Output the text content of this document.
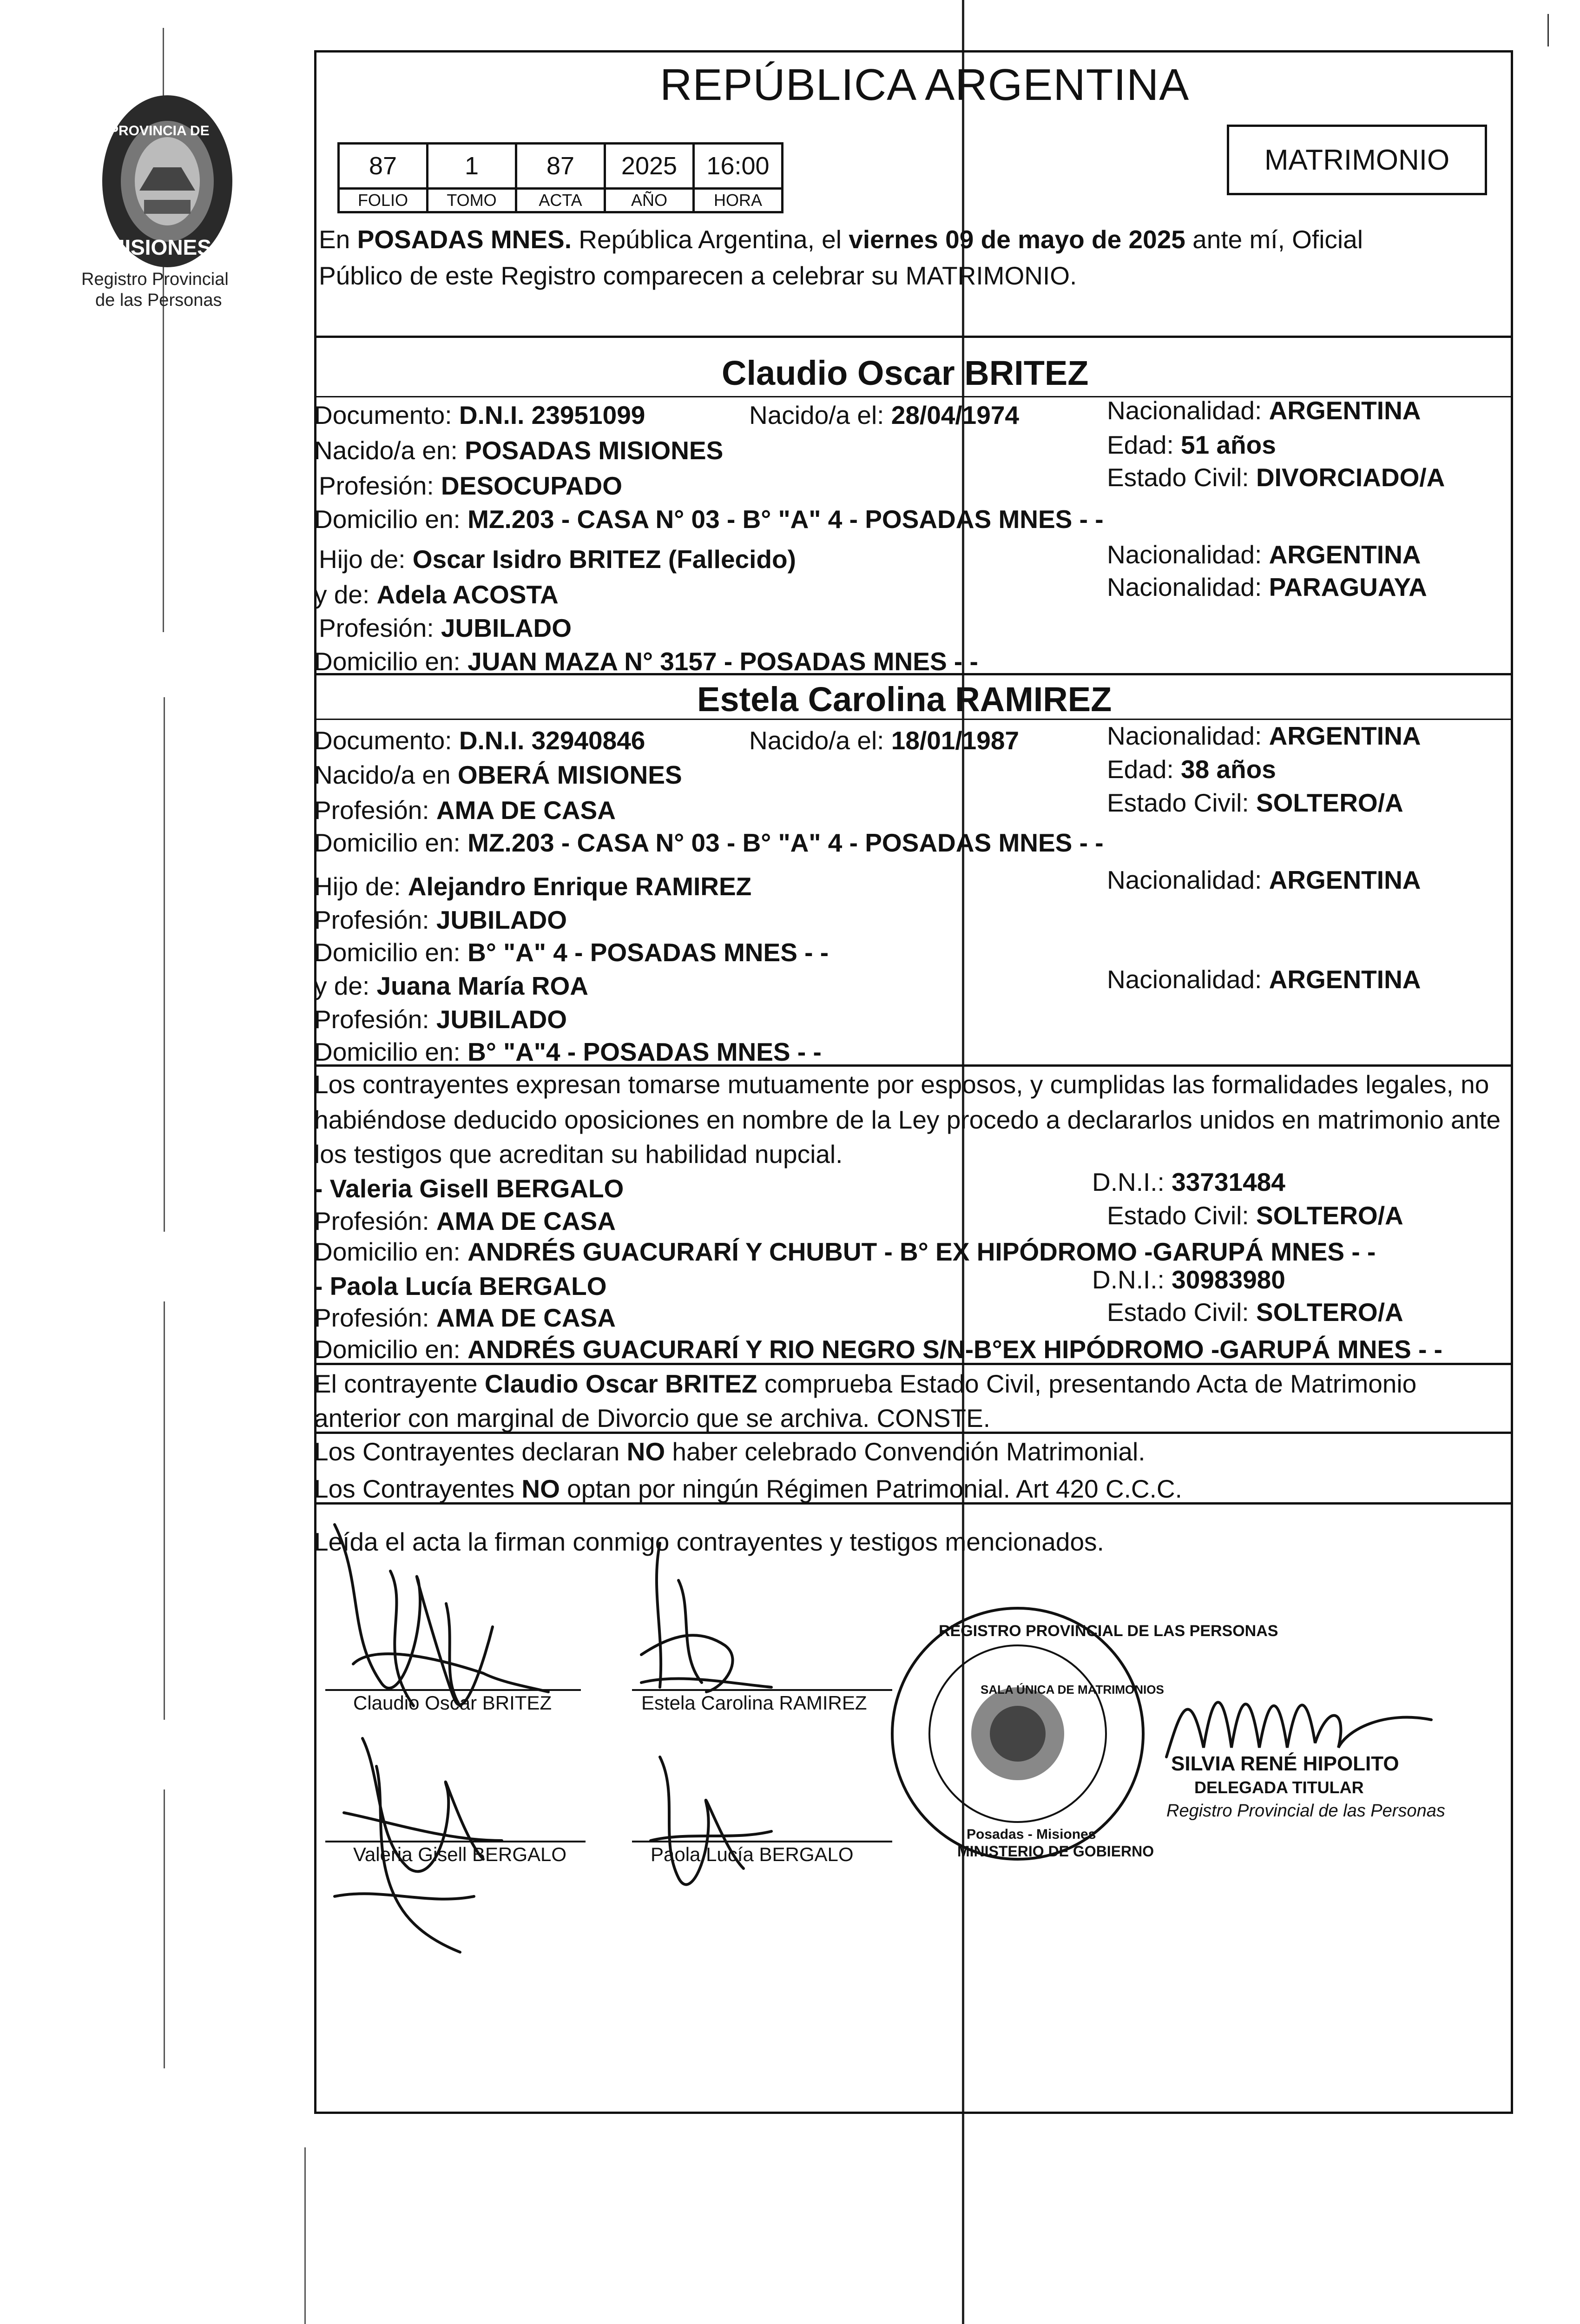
PROVINCIA DE
MISIONES
Registro Provincial
de las Personas
REPÚBLICA ARGENTINA
87	1	87	2025	16:00
FOLIO	TOMO	ACTA	AÑO	HORA
MATRIMONIO
En POSADAS MNES. República Argentina, el viernes 09 de mayo de 2025 ante mí, Oficial
Público de este Registro comparecen a celebrar su MATRIMONIO.
Claudio Oscar BRITEZ
Documento: D.N.I. 23951099	Nacido/a el: 28/04/1974	Nacionalidad: ARGENTINA
Nacido/a en: POSADAS MISIONES	Edad: 51 años
Profesión: DESOCUPADO	Estado Civil: DIVORCIADO/A
Domicilio en: MZ.203 - CASA N° 03 - B° "A" 4 - POSADAS MNES - -
Hijo de: Oscar Isidro BRITEZ (Fallecido)	Nacionalidad: ARGENTINA
y de: Adela ACOSTA	Nacionalidad: PARAGUAYA
Profesión: JUBILADO
Domicilio en: JUAN MAZA N° 3157 - POSADAS MNES - -
Estela Carolina RAMIREZ
Documento: D.N.I. 32940846	Nacido/a el: 18/01/1987	Nacionalidad: ARGENTINA
Nacido/a en OBERÁ MISIONES	Edad: 38 años
Profesión: AMA DE CASA	Estado Civil: SOLTERO/A
Domicilio en: MZ.203 - CASA N° 03 - B° "A" 4 - POSADAS MNES - -
Hijo de: Alejandro Enrique RAMIREZ	Nacionalidad: ARGENTINA
Profesión: JUBILADO
Domicilio en: B° "A" 4 - POSADAS MNES - -
y de: Juana María ROA	Nacionalidad: ARGENTINA
Profesión: JUBILADO
Domicilio en: B° "A"4 - POSADAS MNES - -
Los contrayentes expresan tomarse mutuamente por esposos, y cumplidas las formalidades legales, no
habiéndose deducido oposiciones en nombre de la Ley procedo a declararlos unidos en matrimonio ante
los testigos que acreditan su habilidad nupcial.
- Valeria Gisell BERGALO	D.N.I.: 33731484
Profesión: AMA DE CASA	Estado Civil: SOLTERO/A
Domicilio en: ANDRÉS GUACURARÍ Y CHUBUT - B° EX HIPÓDROMO -GARUPÁ MNES - -
- Paola Lucía BERGALO	D.N.I.: 30983980
Profesión: AMA DE CASA	Estado Civil: SOLTERO/A
Domicilio en: ANDRÉS GUACURARÍ Y RIO NEGRO S/N-B°EX HIPÓDROMO -GARUPÁ MNES - -
El contrayente Claudio Oscar BRITEZ comprueba Estado Civil, presentando Acta de Matrimonio
anterior con marginal de Divorcio que se archiva. CONSTE.
Los Contrayentes declaran NO haber celebrado Convención Matrimonial.
Los Contrayentes NO optan por ningún Régimen Patrimonial. Art 420 C.C.C.
Leída el acta la firman conmigo contrayentes y testigos mencionados.
Claudio Oscar BRITEZ	Estela Carolina RAMIREZ
Valeria Gisell BERGALO	Paola Lucía BERGALO
REGISTRO PROVINCIAL DE LAS PERSONAS
SALA ÚNICA DE MATRIMONIOS
Posadas - Misiones
MINISTERIO DE GOBIERNO
SILVIA RENÉ HIPOLITO
DELEGADA TITULAR
Registro Provincial de las Personas
